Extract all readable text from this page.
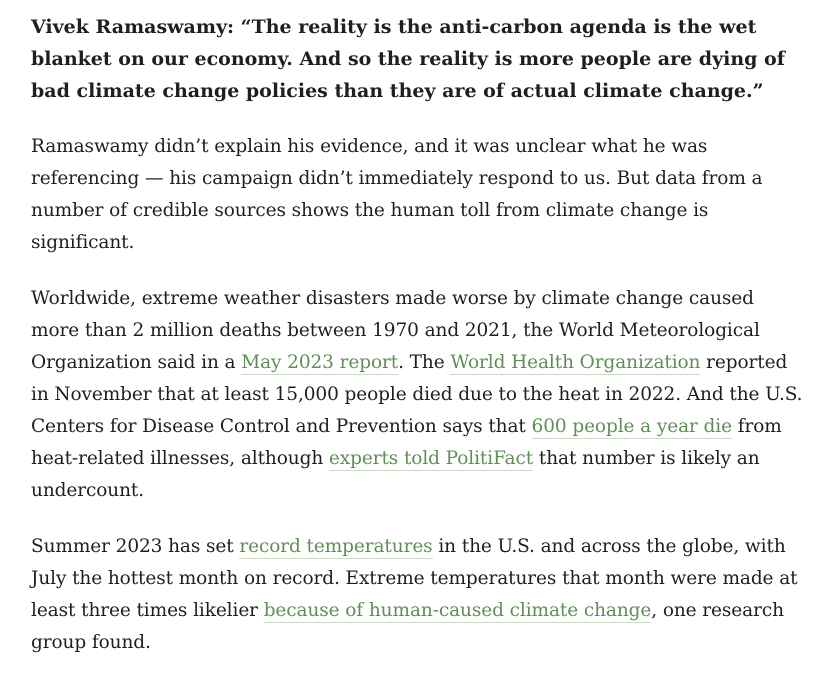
Vivek Ramaswamy: “The reality is the anti-carbon agenda is the wet blanket on our economy. And so the reality is more people are dying of bad climate change policies than they are of actual climate change.”

Ramaswamy didn’t explain his evidence, and it was unclear what he was referencing — his campaign didn’t immediately respond to us. But data from a number of credible sources shows the human toll from climate change is significant.

Worldwide, extreme weather disasters made worse by climate change caused more than 2 million deaths between 1970 and 2021, the World Meteorological Organization said in a May 2023 report. The World Health Organization reported in November that at least 15,000 people died due to the heat in 2022. And the U.S. Centers for Disease Control and Prevention says that 600 people a year die from heat-related illnesses, although experts told PolitiFact that number is likely an undercount.

Summer 2023 has set record temperatures in the U.S. and across the globe, with July the hottest month on record. Extreme temperatures that month were made at least three times likelier because of human-caused climate change, one research group found.
